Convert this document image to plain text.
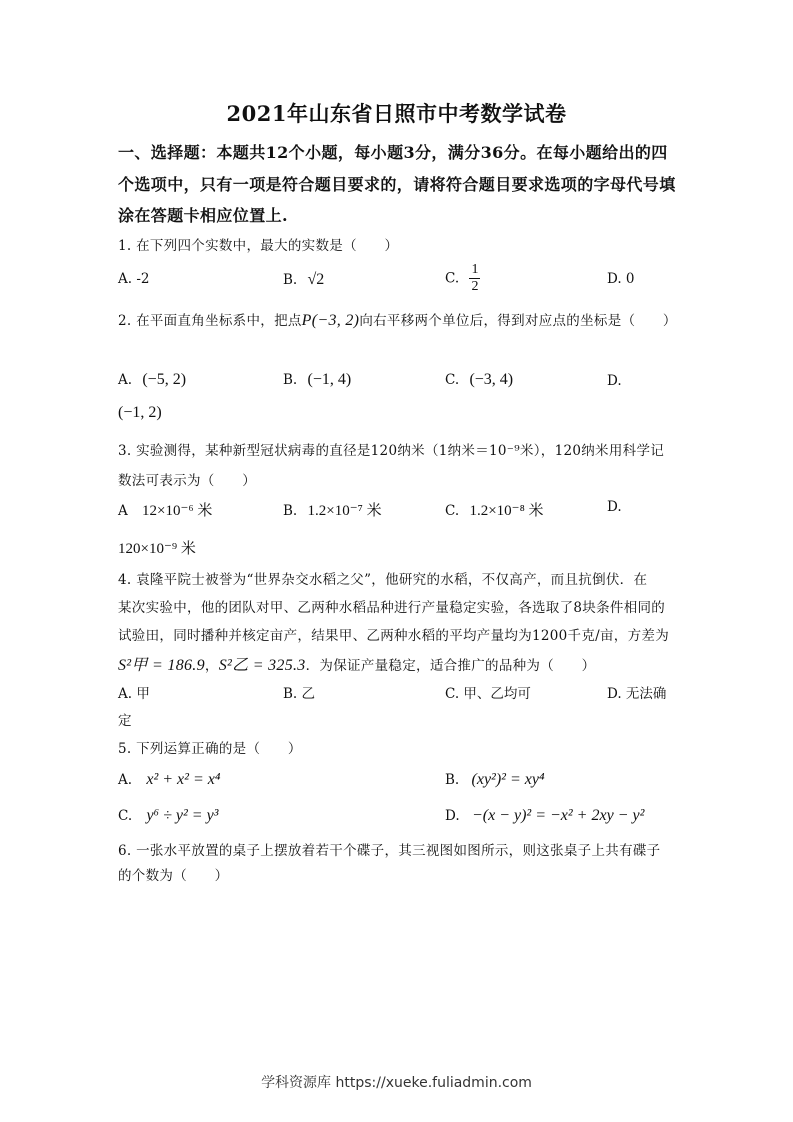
2021年山东省日照市中考数学试卷
一、选择题：本题共12个小题，每小题3分，满分36分。在每小题给出的四
个选项中，只有一项是符合题目要求的，请将符合题目要求选项的字母代号填
涂在答题卡相应位置上.
1. 在下列四个实数中，最大的实数是（　　）
A. -2	B. √2	C. $\frac{1}{2}$	D. 0
2. 在平面直角坐标系中，把点P(−3, 2)向右平移两个单位后，得到对应点的坐标是（　　）
A. (−5, 2)	B. (−1, 4)	C. (−3, 4)	D.
(−1, 2)
3. 实验测得，某种新型冠状病毒的直径是120纳米（1纳米＝10⁻⁹米），120纳米用科学记
数法可表示为（　　）
A 12×10⁻⁶ 米	B. 1.2×10⁻⁷ 米	C. 1.2×10⁻⁸ 米	D.
120×10⁻⁹ 米
4. 袁隆平院士被誉为“世界杂交水稻之父”，他研究的水稻，不仅高产，而且抗倒伏．在
某次实验中，他的团队对甲、乙两种水稻品种进行产量稳定实验，各选取了8块条件相同的
试验田，同时播种并核定亩产，结果甲、乙两种水稻的平均产量均为1200千克/亩，方差为
S²甲 = 186.9，S²乙 = 325.3．为保证产量稳定，适合推广的品种为（　　）
A. 甲	B. 乙	C. 甲、乙均可	D. 无法确
定
5. 下列运算正确的是（　　）
A. x² + x² = x⁴	B. (xy²)² = xy⁴
C. y⁶ ÷ y² = y³	D. −(x − y)² = −x² + 2xy − y²
6. 一张水平放置的桌子上摆放着若干个碟子，其三视图如图所示，则这张桌子上共有碟子
的个数为（　　）
学科资源库 https://xueke.fuliadmin.com
